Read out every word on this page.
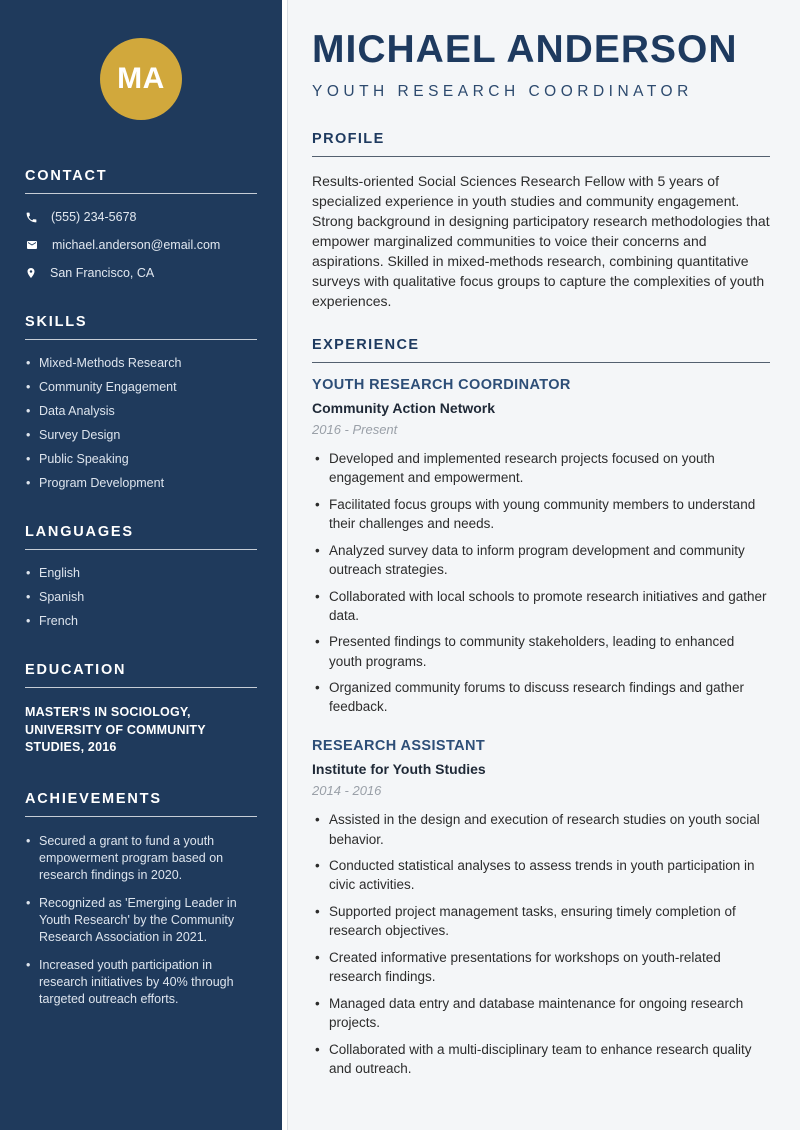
MA
CONTACT
(555) 234-5678
michael.anderson@email.com
San Francisco, CA
SKILLS
• Mixed-Methods Research
• Community Engagement
• Data Analysis
• Survey Design
• Public Speaking
• Program Development
LANGUAGES
• English
• Spanish
• French
EDUCATION
MASTER'S IN SOCIOLOGY, UNIVERSITY OF COMMUNITY STUDIES, 2016
ACHIEVEMENTS
• Secured a grant to fund a youth empowerment program based on research findings in 2020.
• Recognized as 'Emerging Leader in Youth Research' by the Community Research Association in 2021.
• Increased youth participation in research initiatives by 40% through targeted outreach efforts.
MICHAEL ANDERSON
YOUTH RESEARCH COORDINATOR
PROFILE

Results-oriented Social Sciences Research Fellow with 5 years of specialized experience in youth studies and community engagement. Strong background in designing participatory research methodologies that empower marginalized communities to voice their concerns and aspirations. Skilled in mixed-methods research, combining quantitative surveys with qualitative focus groups to capture the complexities of youth experiences.

EXPERIENCE
YOUTH RESEARCH COORDINATOR
Community Action Network
2016 - Present
• Developed and implemented research projects focused on youth engagement and empowerment.
• Facilitated focus groups with young community members to understand their challenges and needs.
• Analyzed survey data to inform program development and community outreach strategies.
• Collaborated with local schools to promote research initiatives and gather data.
• Presented findings to community stakeholders, leading to enhanced youth programs.
• Organized community forums to discuss research findings and gather feedback.
RESEARCH ASSISTANT
Institute for Youth Studies
2014 - 2016
• Assisted in the design and execution of research studies on youth social behavior.
• Conducted statistical analyses to assess trends in youth participation in civic activities.
• Supported project management tasks, ensuring timely completion of research objectives.
• Created informative presentations for workshops on youth-related research findings.
• Managed data entry and database maintenance for ongoing research projects.
• Collaborated with a multi-disciplinary team to enhance research quality and outreach.
